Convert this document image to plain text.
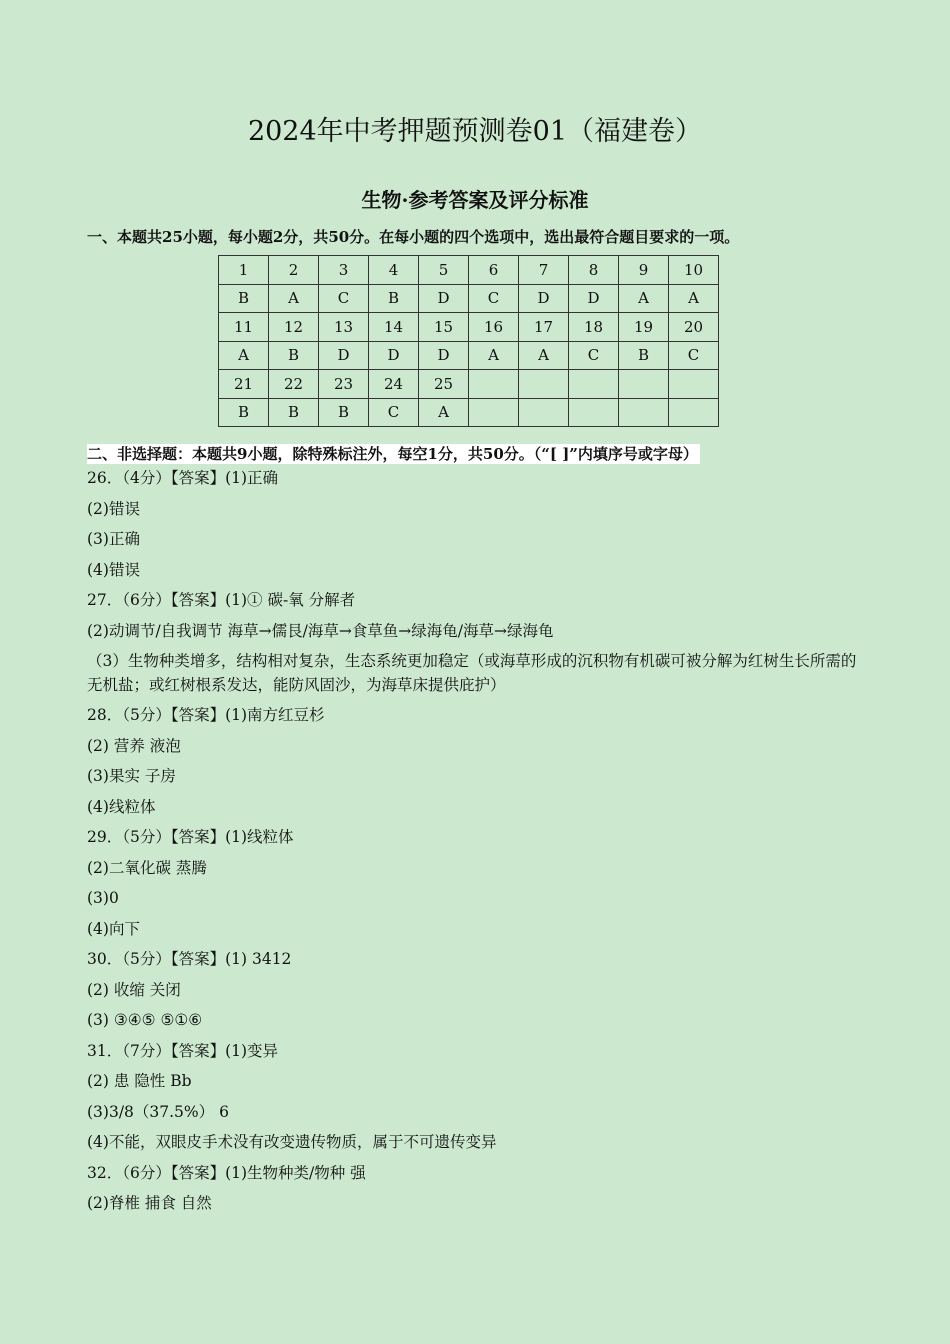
2024年中考押题预测卷01（福建卷）
生物·参考答案及评分标准
一、本题共25小题，每小题2分，共50分。在每小题的四个选项中，选出最符合题目要求的一项。
1	2	3	4	5	6	7	8	9	10
B	A	C	B	D	C	D	D	A	A
11	12	13	14	15	16	17	18	19	20
A	B	D	D	D	A	A	C	B	C
21	22	23	24	25					
B	B	B	C	A					
二、非选择题：本题共9小题，除特殊标注外，每空1分，共50分。（“[ ]”内填序号或字母）
26．（4分）【答案】(1)正确
(2)错误
(3)正确
(4)错误
27．（6分）【答案】(1)① 碳-氧 分解者
(2)动调节/自我调节 海草→儒艮/海草→食草鱼→绿海龟/海草→绿海龟
（3）生物种类增多，结构相对复杂，生态系统更加稳定（或海草形成的沉积物有机碳可被分解为红树生长所需的无机盐；或红树根系发达，能防风固沙，为海草床提供庇护）
28．（5分）【答案】(1)南方红豆杉
(2) 营养 液泡
(3)果实 子房
(4)线粒体
29．（5分）【答案】(1)线粒体
(2)二氧化碳 蒸腾
(3)0
(4)向下
30．（5分）【答案】(1) 3412
(2) 收缩 关闭
(3) ③④⑤ ⑤①⑥
31．（7分）【答案】(1)变异
(2) 患 隐性 Bb
(3)3/8（37.5%） 6
(4)不能，双眼皮手术没有改变遗传物质，属于不可遗传变异
32．（6分）【答案】(1)生物种类/物种 强
(2)脊椎 捕食 自然
